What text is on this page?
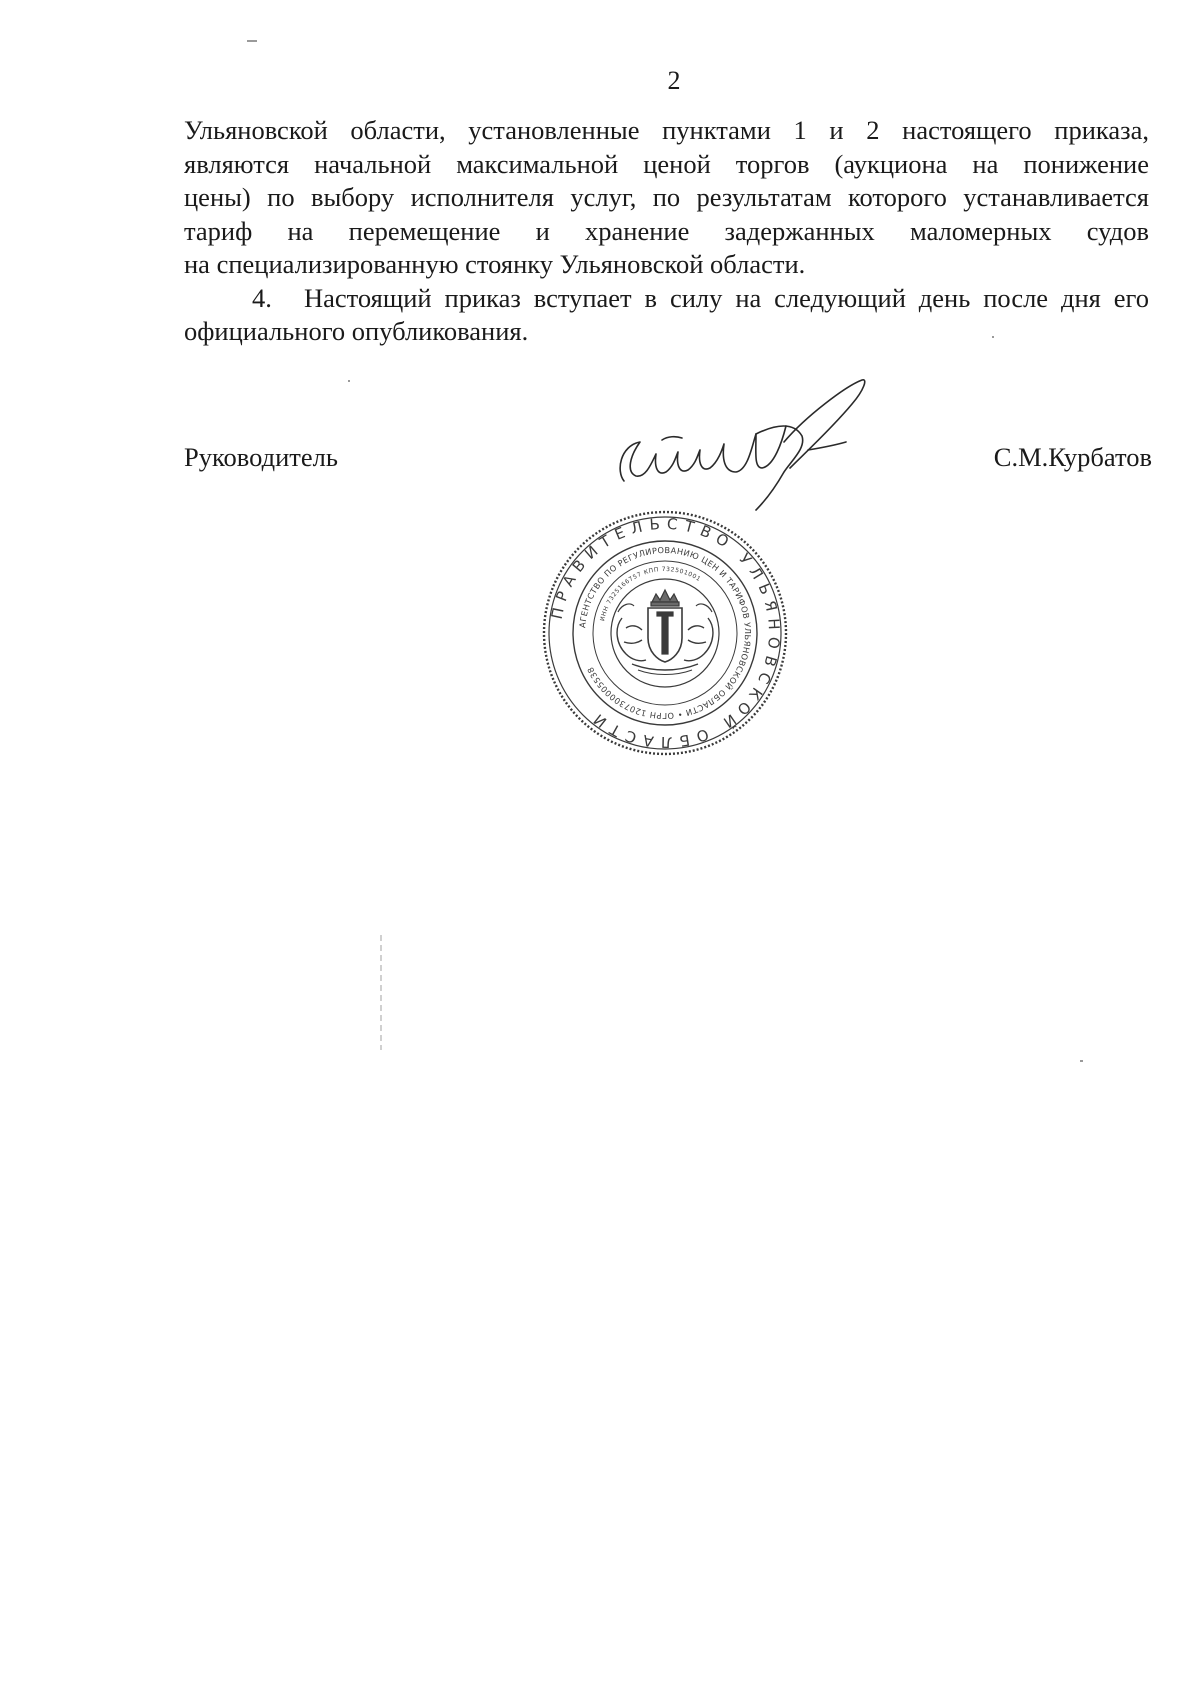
2

Ульяновской области, установленные пунктами 1 и 2 настоящего приказа,
являются начальной максимальной ценой торгов (аукциона на понижение
цены) по выбору исполнителя услуг, по результатам которого устанавливается
тариф на перемещение и хранение задержанных маломерных судов
на специализированную стоянку Ульяновской области.

4. Настоящий приказ вступает в силу на следующий день после дня его
официального опубликования.

Руководитель	С.М.Курбатов
ПРАВИТЕЛЬСТВО УЛЬЯНОВСКОЙ ОБЛАСТИ
АГЕНТСТВО ПО РЕГУЛИРОВАНИЮ ЦЕН И ТАРИФОВ УЛЬЯНОВСКОЙ ОБЛАСТИ • ОГРН 1207300005538
ИНН 7325166757 КПП 732501001
